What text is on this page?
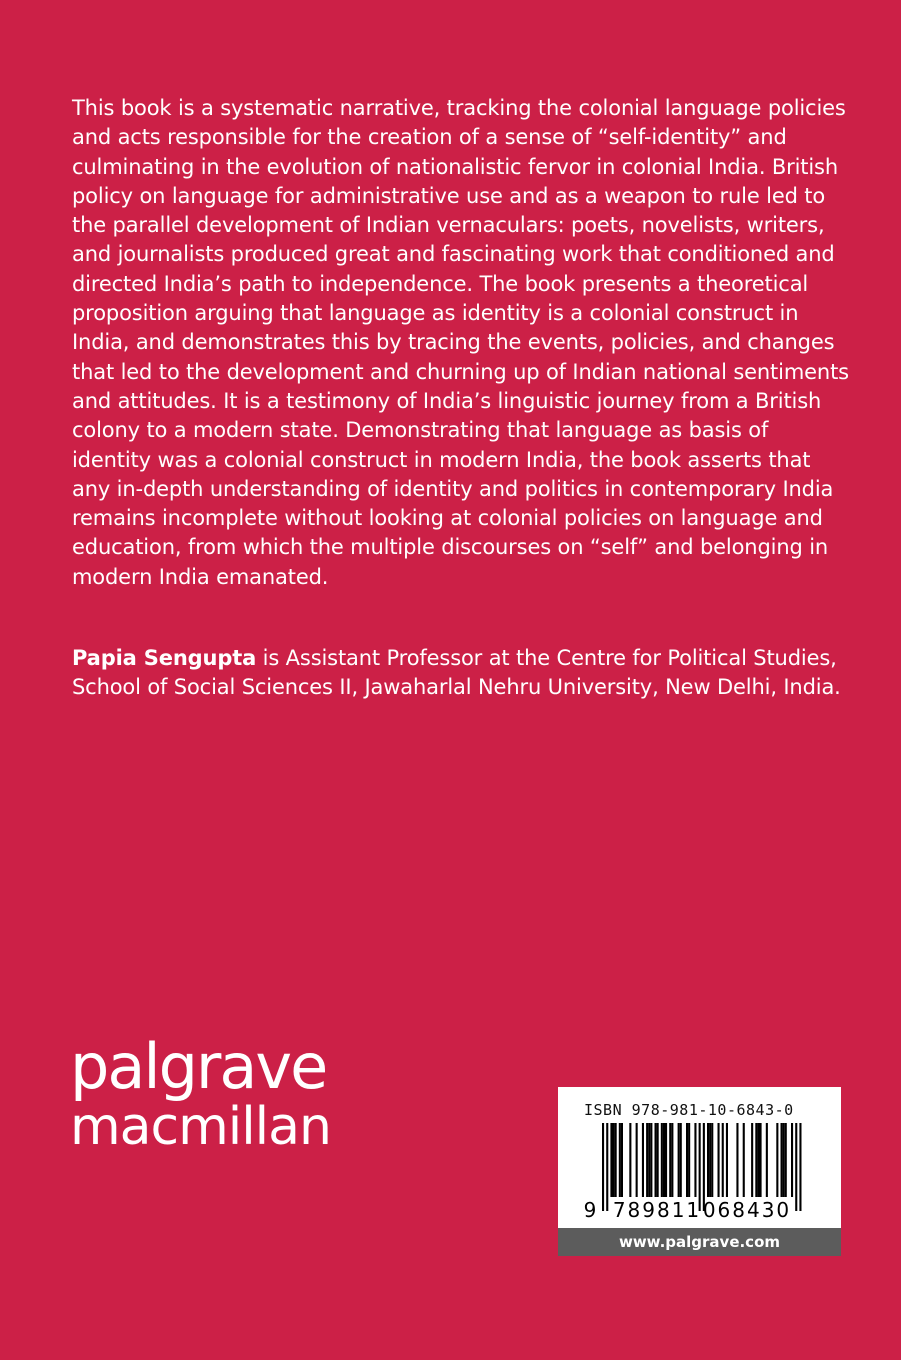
This book is a systematic narrative, tracking the colonial language policies and acts responsible for the creation of a sense of “self-identity” and culminating in the evolution of nationalistic fervor in colonial India. British policy on language for administrative use and as a weapon to rule led to the parallel development of Indian vernaculars: poets, novelists, writers, and journalists produced great and fascinating work that conditioned and directed India’s path to independence. The book presents a theoretical proposition arguing that language as identity is a colonial construct in India, and demonstrates this by tracing the events, policies, and changes that led to the development and churning up of Indian national sentiments and attitudes. It is a testimony of India’s linguistic journey from a British colony to a modern state. Demonstrating that language as basis of identity was a colonial construct in modern India, the book asserts that any in-depth understanding of identity and politics in contemporary India remains incomplete without looking at colonial policies on language and education, from which the multiple discourses on “self” and belonging in modern India emanated.

Papia Sengupta is Assistant Professor at the Centre for Political Studies, School of Social Sciences II, Jawaharlal Nehru University, New Delhi, India.

palgrave
macmillan	ISBN 978-981-10-6843-0
9 789811 068430
www.palgrave.com
